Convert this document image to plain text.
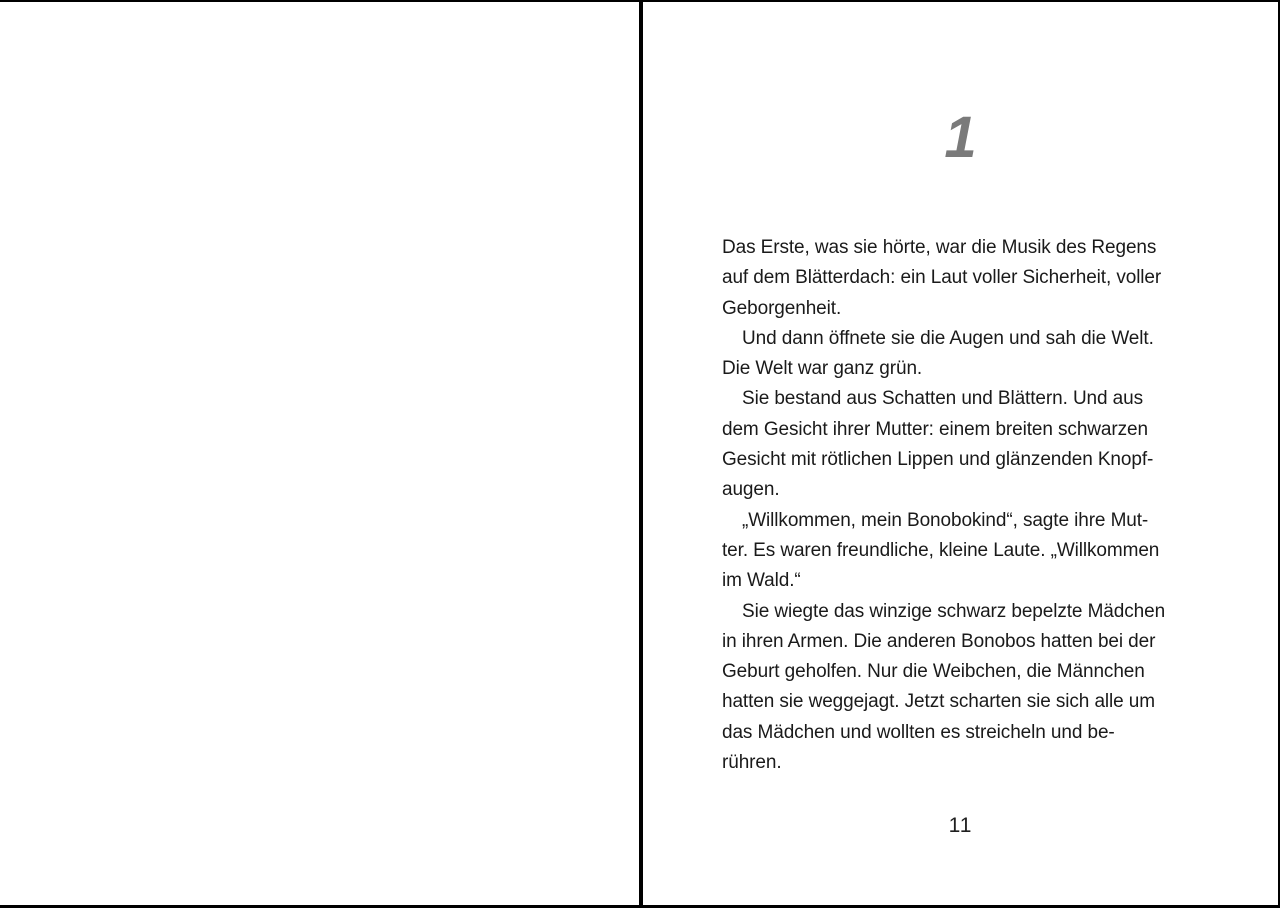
1
Das Erste, was sie hörte, war die Musik des Regens
auf dem Blätterdach: ein Laut voller Sicherheit, voller
Geborgenheit.
Und dann öffnete sie die Augen und sah die Welt.
Die Welt war ganz grün.
Sie bestand aus Schatten und Blättern. Und aus
dem Gesicht ihrer Mutter: einem breiten schwarzen
Gesicht mit rötlichen Lippen und glänzenden Knopf-
augen.
„Willkommen, mein Bonobokind“, sagte ihre Mut-
ter. Es waren freundliche, kleine Laute. „Willkommen
im Wald.“
Sie wiegte das winzige schwarz bepelzte Mädchen
in ihren Armen. Die anderen Bonobos hatten bei der
Geburt geholfen. Nur die Weibchen, die Männchen
hatten sie weggejagt. Jetzt scharten sie sich alle um
das Mädchen und wollten es streicheln und be-
rühren.
11
